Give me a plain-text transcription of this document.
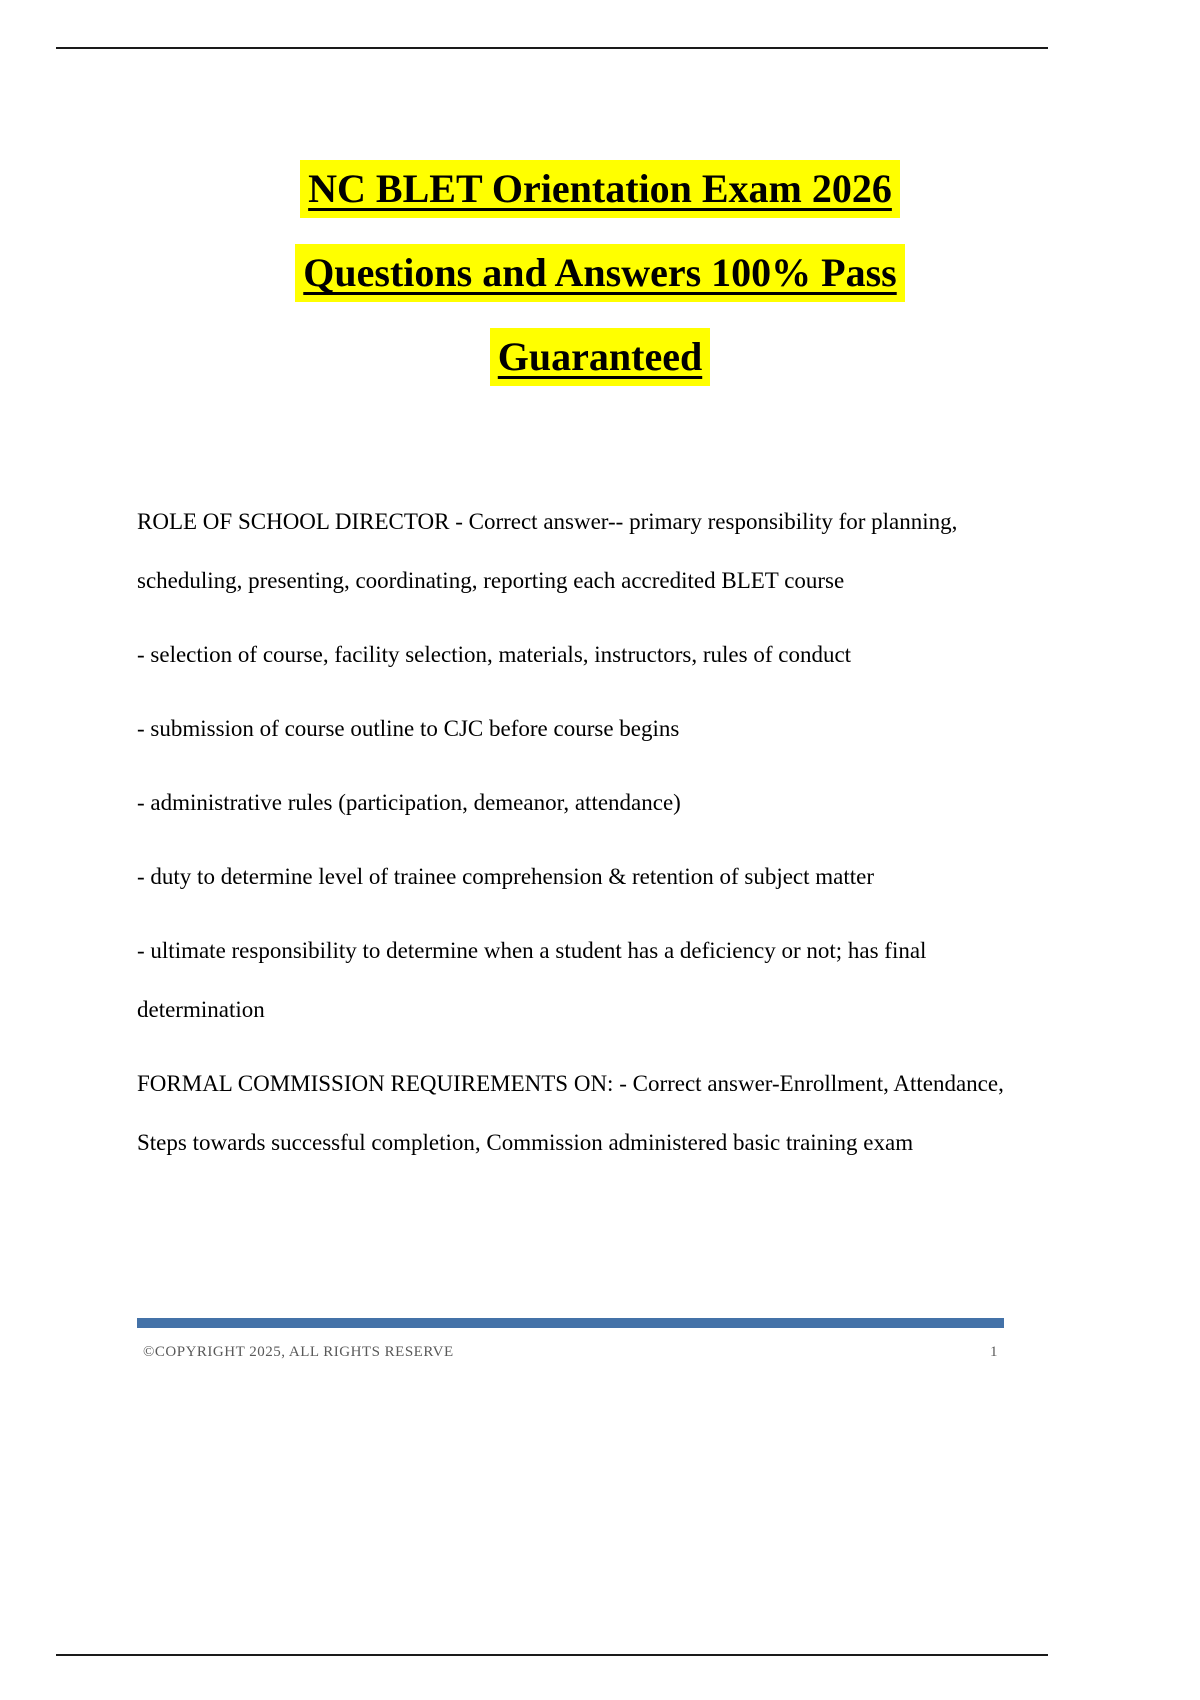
NC BLET Orientation Exam 2026
Questions and Answers 100% Pass
Guaranteed

ROLE OF SCHOOL DIRECTOR - Correct answer-- primary responsibility for planning, scheduling, presenting, coordinating, reporting each accredited BLET course

- selection of course, facility selection, materials, instructors, rules of conduct

- submission of course outline to CJC before course begins

- administrative rules (participation, demeanor, attendance)

- duty to determine level of trainee comprehension & retention of subject matter

- ultimate responsibility to determine when a student has a deficiency or not; has final determination

FORMAL COMMISSION REQUIREMENTS ON: - Correct answer-Enrollment, Attendance, Steps towards successful completion, Commission administered basic training exam

©COPYRIGHT 2025, ALL RIGHTS RESERVE	1
